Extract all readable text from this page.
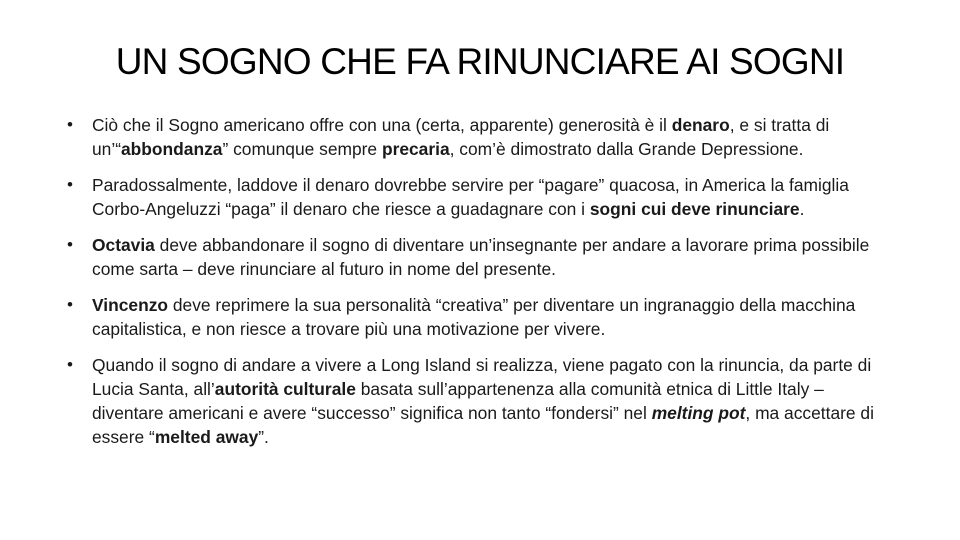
UN SOGNO CHE FA RINUNCIARE AI SOGNI
• Ciò che il Sogno americano offre con una (certa, apparente) generosità è il denaro, e si tratta di un’“abbondanza” comunque sempre precaria, com’è dimostrato dalla Grande Depressione.
• Paradossalmente, laddove il denaro dovrebbe servire per “pagare” quacosa, in America la famiglia Corbo-Angeluzzi “paga” il denaro che riesce a guadagnare con i sogni cui deve rinunciare.
• Octavia deve abbandonare il sogno di diventare un’insegnante per andare a lavorare prima possibile come sarta – deve rinunciare al futuro in nome del presente.
• Vincenzo deve reprimere la sua personalità “creativa” per diventare un ingranaggio della macchina capitalistica, e non riesce a trovare più una motivazione per vivere.
• Quando il sogno di andare a vivere a Long Island si realizza, viene pagato con la rinuncia, da parte di Lucia Santa, all’autorità culturale basata sull’appartenenza alla comunità etnica di Little Italy – diventare americani e avere “successo” significa non tanto “fondersi” nel melting pot, ma accettare di essere “melted away”.
